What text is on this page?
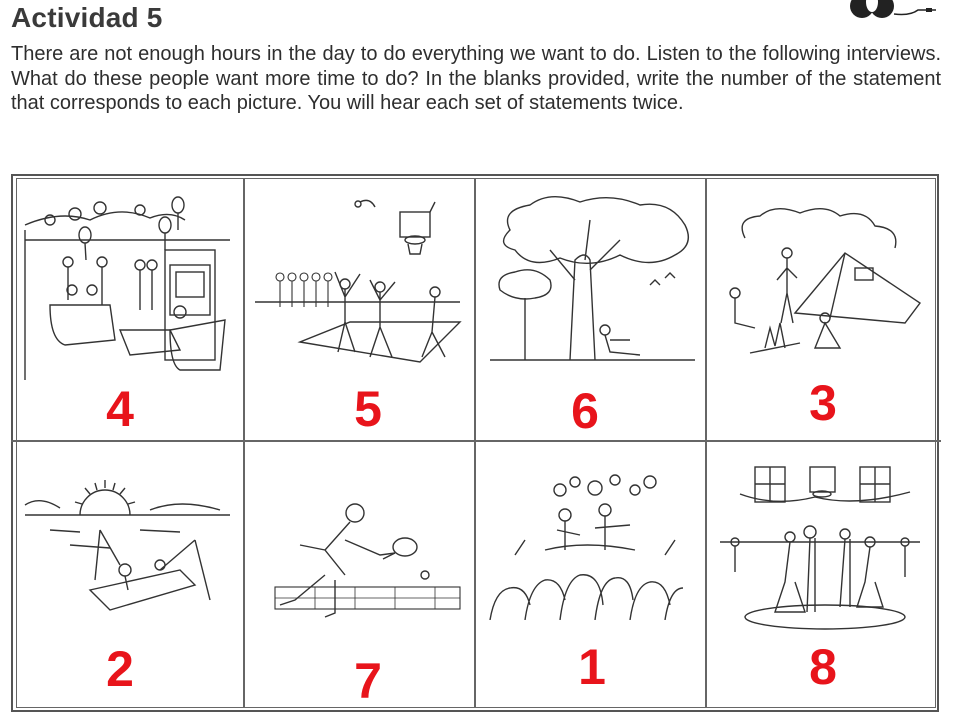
Actividad 5
There are not enough hours in the day to do everything we want to do. Listen to the following interviews. What do these people want more time to do? In the blanks provided, write the number of the statement that corresponds to each picture. You will hear each set of statements twice.
4	5	6	3
2	7	1	8
